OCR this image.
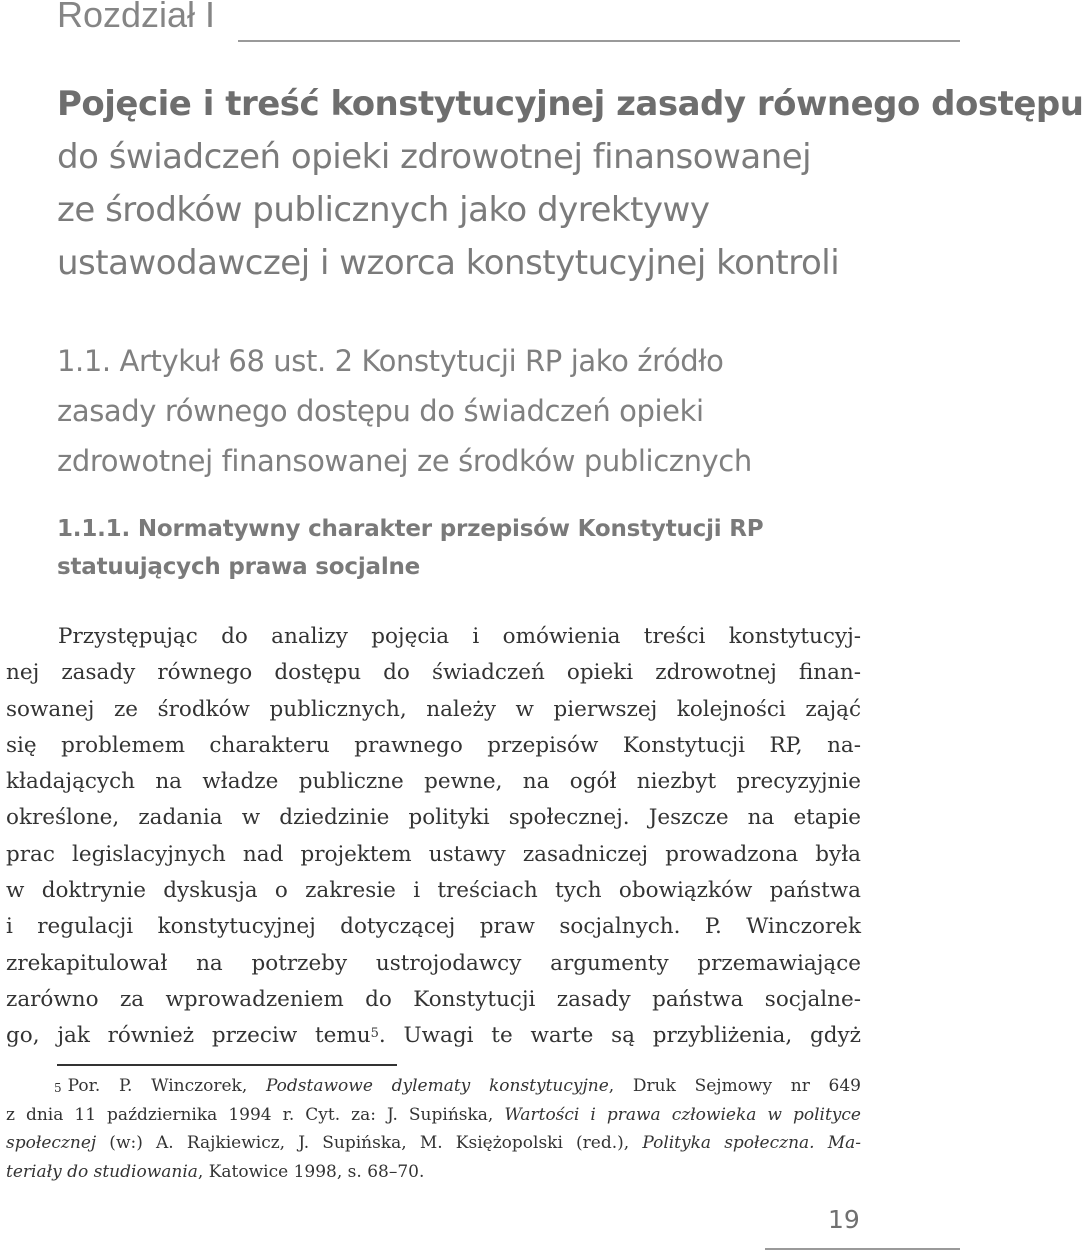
Rozdział I
Pojęcie i treść konstytucyjnej zasady równego dostępu
do świadczeń opieki zdrowotnej finansowanej
ze środków publicznych jako dyrektywy
ustawodawczej i wzorca konstytucyjnej kontroli
1.1. Artykuł 68 ust. 2 Konstytucji RP jako źródło
zasady równego dostępu do świadczeń opieki
zdrowotnej finansowanej ze środków publicznych
1.1.1. Normatywny charakter przepisów Konstytucji RP
statuujących prawa socjalne
Przystępując do analizy pojęcia i omówienia treści konstytucyj-
nej zasady równego dostępu do świadczeń opieki zdrowotnej finan-
sowanej ze środków publicznych, należy w pierwszej kolejności zająć
się problemem charakteru prawnego przepisów Konstytucji RP, na-
kładających na władze publiczne pewne, na ogół niezbyt precyzyjnie
określone, zadania w dziedzinie polityki społecznej. Jeszcze na etapie
prac legislacyjnych nad projektem ustawy zasadniczej prowadzona była
w doktrynie dyskusja o zakresie i treściach tych obowiązków państwa
i regulacji konstytucyjnej dotyczącej praw socjalnych. P. Winczorek
zrekapitulował na potrzeby ustrojodawcy argumenty przemawiające
zarówno za wprowadzeniem do Konstytucji zasady państwa socjalne-
go, jak również przeciw temu$^5$. Uwagi te warte są przybliżenia, gdyż
$^5$ Por. P. Winczorek, Podstawowe dylematy konstytucyjne, Druk Sejmowy nr 649
z dnia 11 października 1994 r. Cyt. za: J. Supińska, Wartości i prawa człowieka w polityce
społecznej (w:) A. Rajkiewicz, J. Supińska, M. Księżopolski (red.), Polityka społeczna. Ma-
teriały do studiowania, Katowice 1998, s. 68–70.
19
